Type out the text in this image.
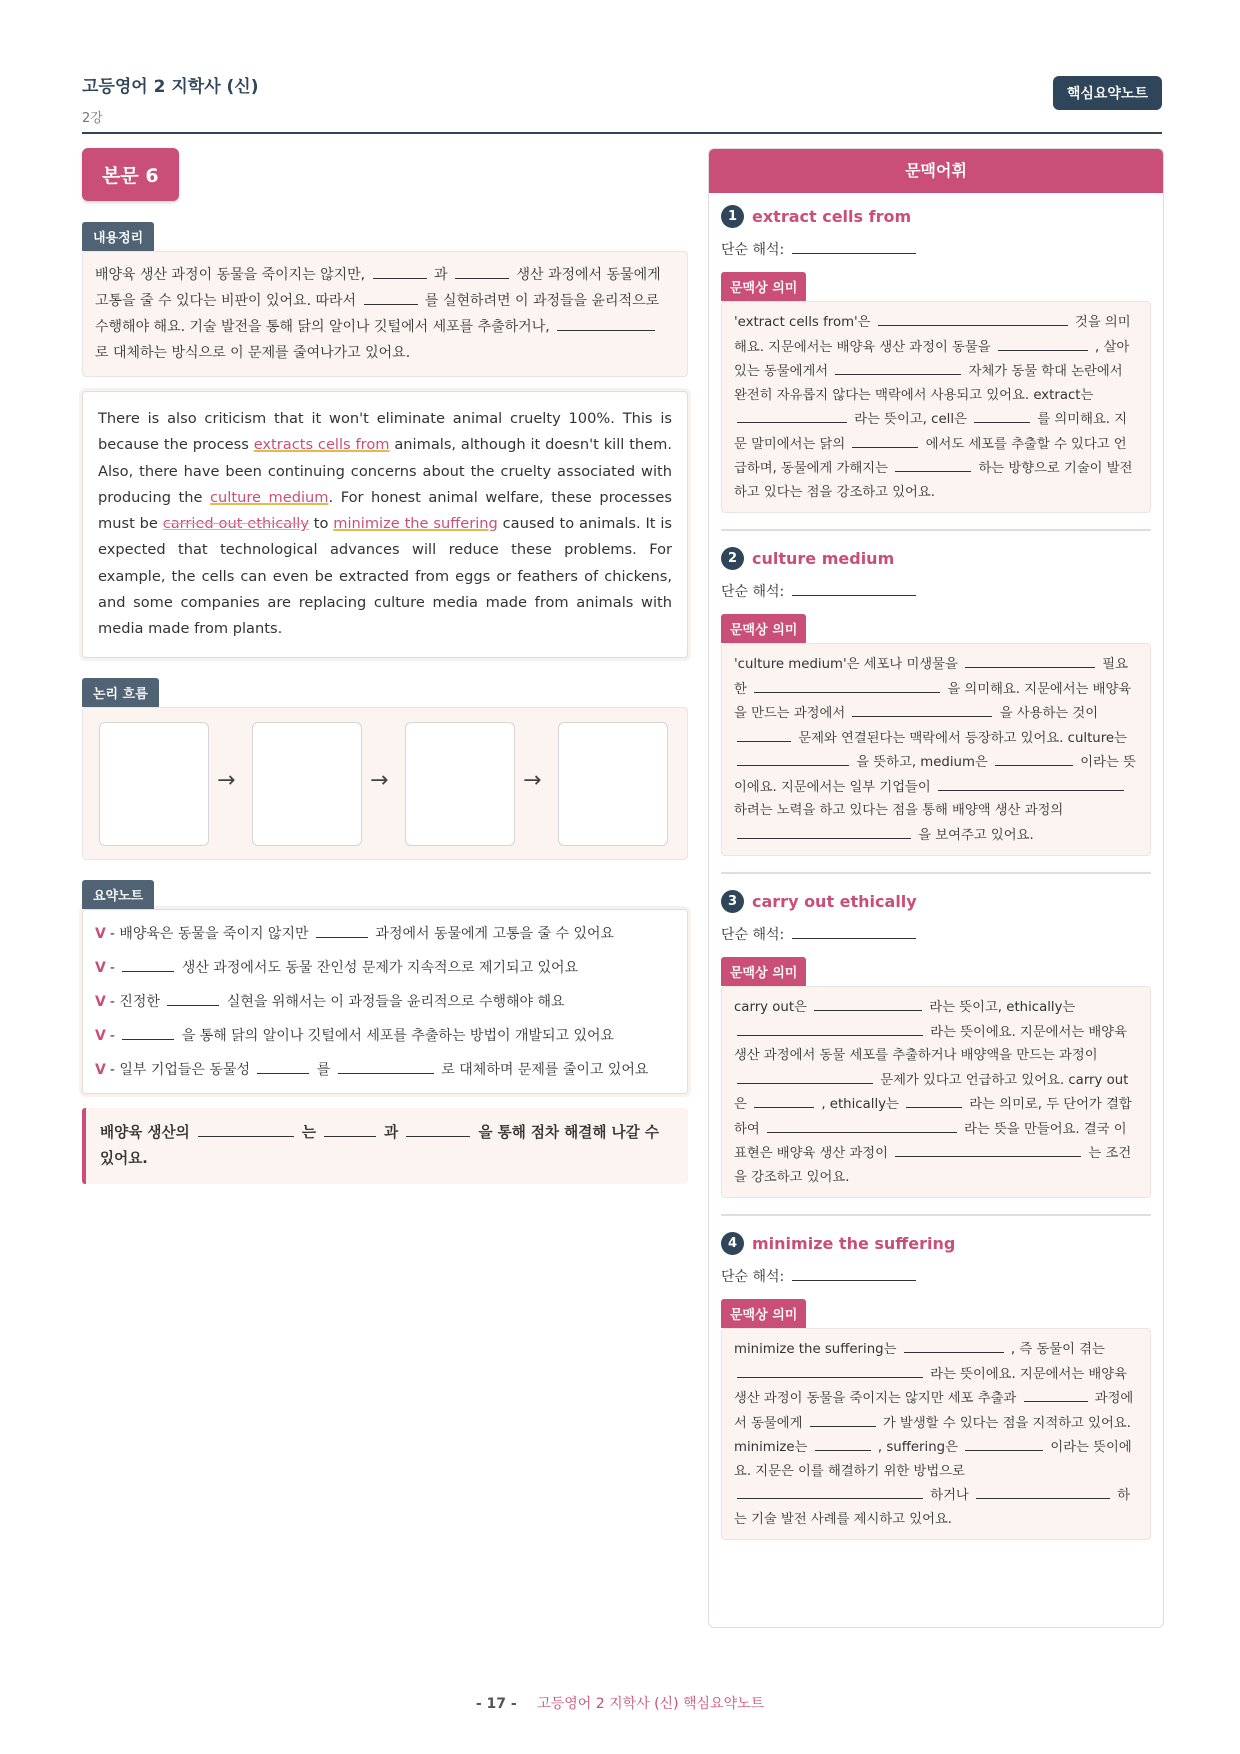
고등영어 2 지학사 (신)
2강
핵심요약노트
본문 6
내용정리
배양육 생산 과정이 동물을 죽이지는 않지만,	과	생산 과정에서 동물에게 고통을 줄 수 있다는 비판이 있어요. 따라서	를 실현하려면 이 과정들을 윤리적으로 수행해야 해요. 기술 발전을 통해 닭의 알이나 깃털에서 세포를 추출하거나,  로 대체하는 방식으로 이 문제를 줄여나가고 있어요.
There is also criticism that it won't eliminate animal cruelty 100%. This is because the process extracts cells from animals, although it doesn't kill them. Also, there have been continuing concerns about the cruelty associated with producing the culture medium. For honest animal welfare, these processes must be carried out ethically to minimize the suffering caused to animals. It is expected that technological advances will reduce these problems. For example, the cells can even be extracted from eggs or feathers of chickens, and some companies are replacing culture media made from animals with media made from plants.
논리 흐름
→	→	→
요약노트
V - 배양육은 동물을 죽이지 않지만	과정에서 동물에게 고통을 줄 수 있어요
V -	생산 과정에서도 동물 잔인성 문제가 지속적으로 제기되고 있어요
V - 진정한	실현을 위해서는 이 과정들을 윤리적으로 수행해야 해요
V -	을 통해 닭의 알이나 깃털에서 세포를 추출하는 방법이 개발되고 있어요
V - 일부 기업들은 동물성	를	로 대체하며 문제를 줄이고 있어요
배양육 생산의	는	과	을 통해 점차 해결해 나갈 수 있어요.
문맥어휘
1 extract cells from
단순 해석:
문맥상 의미
'extract cells from'은	것을 의미해요. 지문에서는 배양육 생산 과정이 동물을	, 살아있는 동물에게서	자체가 동물 학대 논란에서 완전히 자유롭지 않다는 맥락에서 사용되고 있어요. extract는  라는 뜻이고, cell은	를 의미해요. 지문 말미에서는 닭의	에서도 세포를 추출할 수 있다고 언급하며, 동물에게 가해지는	하는 방향으로 기술이 발전하고 있다는 점을 강조하고 있어요.
2 culture medium
단순 해석:
문맥상 의미
'culture medium'은 세포나 미생물을	필요한	을 의미해요. 지문에서는 배양육을 만드는 과정에서	을 사용하는 것이  문제와 연결된다는 맥락에서 등장하고 있어요. culture는  을 뜻하고, medium은	이라는 뜻이에요. 지문에서는 일부 기업들이  하려는 노력을 하고 있다는 점을 통해 배양액 생산 과정의  을 보여주고 있어요.
3 carry out ethically
단순 해석:
문맥상 의미
carry out은	라는 뜻이고, ethically는  라는 뜻이에요. 지문에서는 배양육 생산 과정에서 동물 세포를 추출하거나 배양액을 만드는 과정이  문제가 있다고 언급하고 있어요. carry out은	, ethically는	라는 의미로, 두 단어가 결합하여	라는 뜻을 만들어요. 결국 이 표현은 배양육 생산 과정이	는 조건을 강조하고 있어요.
4 minimize the suffering
단순 해석:
문맥상 의미
minimize the suffering는	, 즉 동물이 겪는  라는 뜻이에요. 지문에서는 배양육 생산 과정이 동물을 죽이지는 않지만 세포 추출과	과정에서 동물에게	가 발생할 수 있다는 점을 지적하고 있어요. minimize는	, suffering은	이라는 뜻이에요. 지문은 이를 해결하기 위한 방법으로  하거나	하는 기술 발전 사례를 제시하고 있어요.
- 17 - 고등영어 2 지학사 (신) 핵심요약노트
